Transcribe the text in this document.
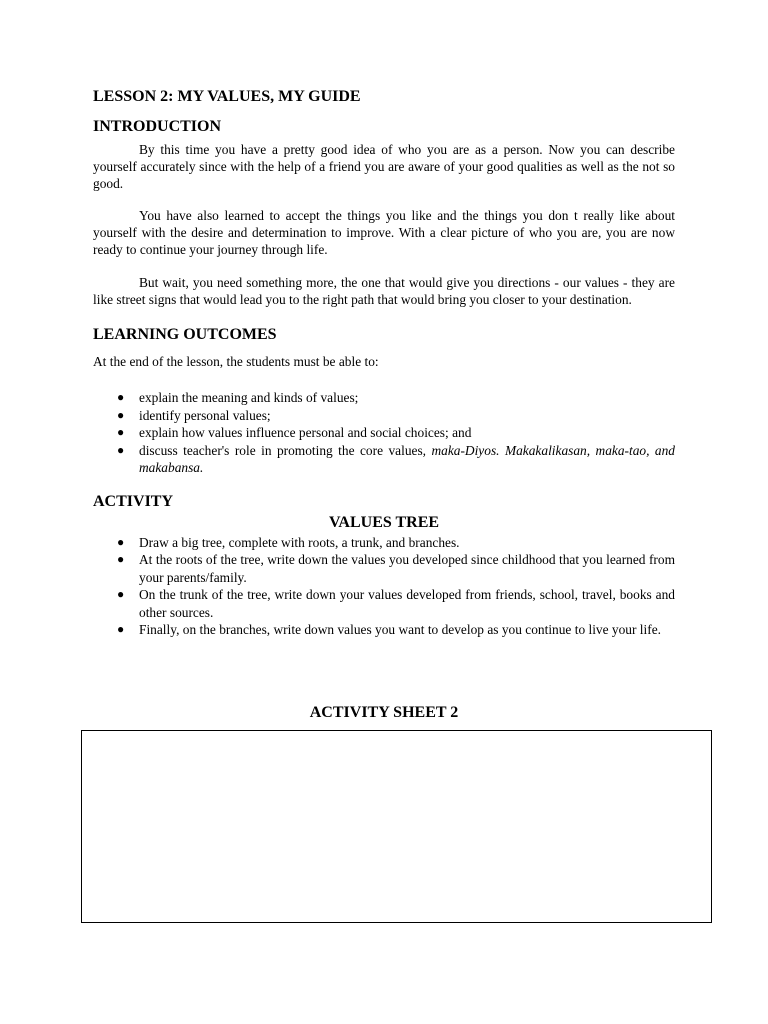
LESSON 2: MY VALUES, MY GUIDE
INTRODUCTION

By this time you have a pretty good idea of who you are as a person. Now you can describe yourself accurately since with the help of a friend you are aware of your good qualities as well as the not so good.

You have also learned to accept the things you like and the things you don t really like about yourself with the desire and determination to improve. With a clear picture of who you are, you are now ready to continue your journey through life.

But wait, you need something more, the one that would give you directions - our values - they are like street signs that would lead you to the right path that would bring you closer to your destination.

LEARNING OUTCOMES

At the end of the lesson, the students must be able to:

● explain the meaning and kinds of values;
● identify personal values;
● explain how values influence personal and social choices; and
● discuss teacher's role in promoting the core values, maka-Diyos. Makakalikasan, maka-tao, and makabansa.
ACTIVITY
VALUES TREE
● Draw a big tree, complete with roots, a trunk, and branches.
● At the roots of the tree, write down the values you developed since childhood that you learned from your parents/family.
● On the trunk of the tree, write down your values developed from friends, school, travel, books and other sources.
● Finally, on the branches, write down values you want to develop as you continue to live your life.
ACTIVITY SHEET 2
